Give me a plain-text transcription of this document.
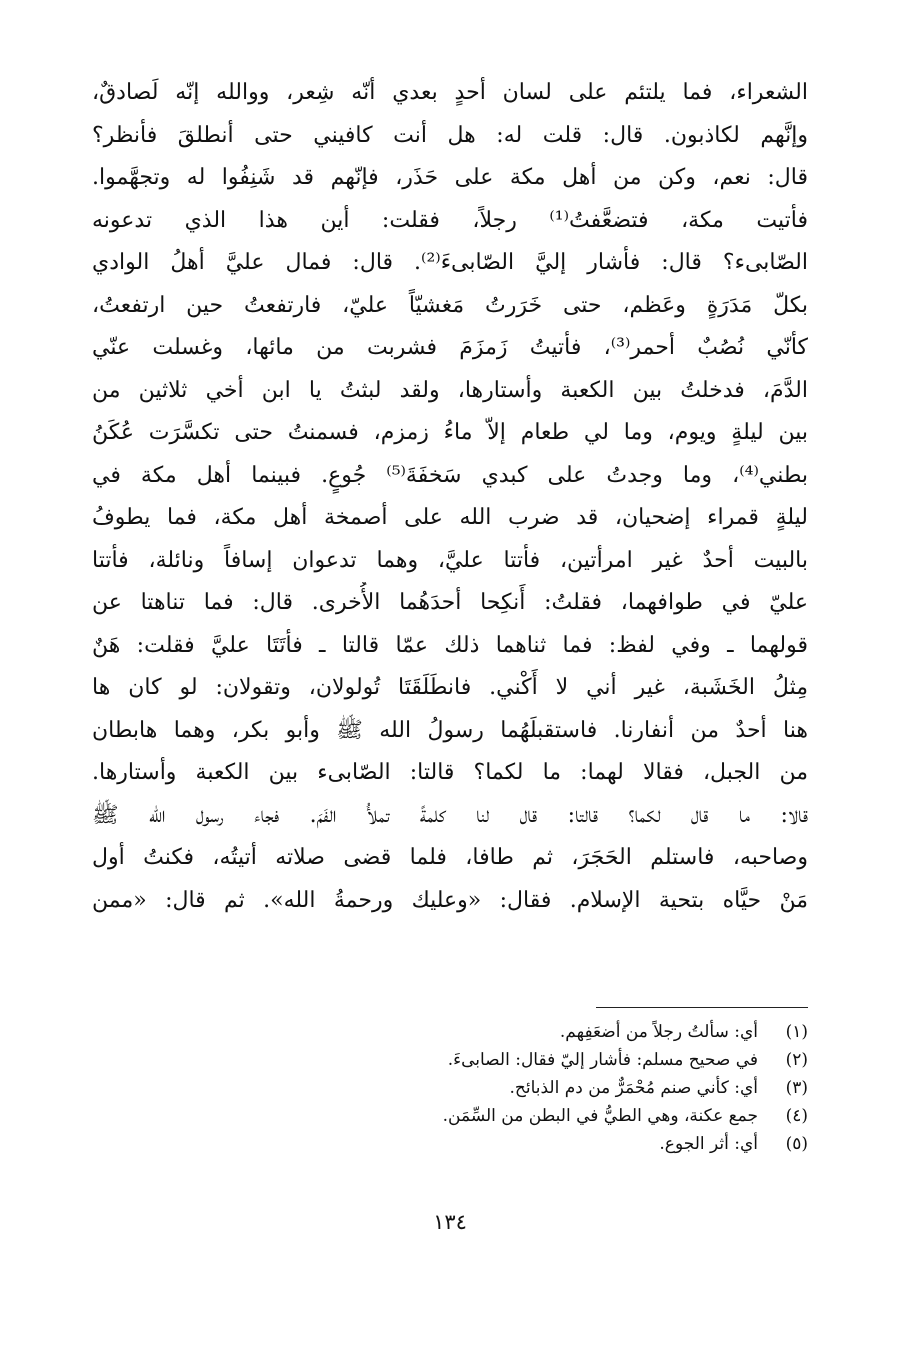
الشعراء، فما يلتئم على لسان أحدٍ بعدي أنّه شِعر، ووالله إنّه لَصادقٌ،
وإنَّهم لكاذبون. قال: قلت له: هل أنت كافيني حتى أنطلقَ فأنظر؟
قال: نعم، وكن من أهل مكة على حَذَر، فإنّهم قد شَنِفُوا له وتجهَّموا.
فأتيت مكة، فتضعَّفتُ⁽¹⁾ رجلاً، فقلت: أين هذا الذي تدعونه
الصّابىء؟ قال: فأشار إليَّ الصّابىءَ⁽²⁾. قال: فمال عليَّ أهلُ الوادي
بكلّ مَدَرَةٍ وعَظم، حتى خَرَرتُ مَغشيّاً عليّ، فارتفعتُ حين ارتفعتُ،
كأنّي نُصُبٌ أحمر⁽³⁾، فأتيتُ زَمزَمَ فشربت من مائها، وغسلت عنّي
الدَّمَ، فدخلتُ بين الكعبة وأستارها، ولقد لبثتُ يا ابن أخي ثلاثين من
بين ليلةٍ ويوم، وما لي طعام إلاّ ماءُ زمزم، فسمنتُ حتى تكسَّرَت عُكَنُ
بطني⁽⁴⁾، وما وجدتُ على كبدي سَخفَةَ⁽⁵⁾ جُوعٍ. فبينما أهل مكة في
ليلةٍ قمراء إضحيان، قد ضرب الله على أصمخة أهل مكة، فما يطوفُ
بالبيت أحدٌ غير امرأتين، فأتتا عليَّ، وهما تدعوان إسافاً ونائلة، فأتتا
عليّ في طوافهما، فقلتُ: أَنكِحا أحدَهُما الأُخرى. قال: فما تناهتا عن
قولهما ـ وفي لفظ: فما ثناهما ذلك عمّا قالتا ـ فأتَتَا عليَّ فقلت: هَنٌ
مِثلُ الخَشَبة، غير أني لا أَكْني. فانطَلَقَتَا تُولولان، وتقولان: لو كان ها
هنا أحدٌ من أنفارنا. فاستقبلَهُما رسولُ الله ﷺ وأبو بكر، وهما هابطان
من الجبل، فقالا لهما: ما لكما؟ قالتا: الصّابىء بين الكعبة وأستارها.
قالا: ما قال لكما؟ قالتا: قال لنا كلمةً تملأُ الفَمَ. فجاء رسول الله ﷺ
وصاحبه، فاستلم الحَجَرَ، ثم طافا، فلما قضى صلاته أتيتُه، فكنتُ أول
مَنْ حيَّاه بتحية الإسلام. فقال: «وعليك ورحمةُ الله». ثم قال: «ممن
(١)
أي: سألتُ رجلاً من أضعَفِهم.
(٢)
في صحيح مسلم: فأشار إليّ فقال: الصابىءَ.
(٣)
أي: كأني صنم مُحْمَرٌّ من دم الذبائح.
(٤)
جمع عكنة، وهي الطيُّ في البطن من السِّمَن.
(٥)
أي: أثر الجوع.
١٣٤
